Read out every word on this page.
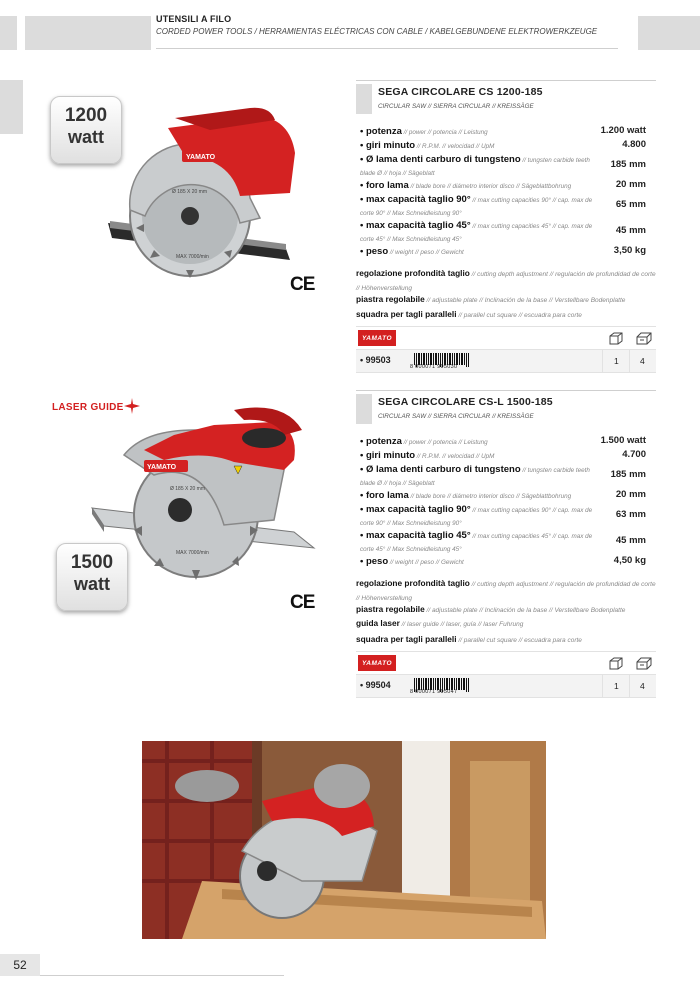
UTENSILI A FILO
CORDED POWER TOOLS / HERRAMIENTAS ELÉCTRICAS CON CABLE / KABELGEBUNDENE ELEKTROWERKZEUGE
YAMATO
Ø 185 X 20 mm
MAX 7000/min
1200
watt
CE
SEGA CIRCOLARE CS 1200-185
CIRCULAR SAW // SIERRA CIRCULAR // KREISSÄGE
• potenza // power // potencia // Leistung	1.200 watt
• giri minuto // R.P.M. // velocidad // UpM	4.800
• Ø lama denti carburo di tungsteno // tungsten carbide teeth blade Ø // hoja // Sägeblatt
185 mm
• foro lama // blade bore // diámetro interior disco // Sägeblattbohrung	20 mm
• max capacità taglio 90° // max cutting capacities 90° // cap. max de corte 90° // Max Schneidleistung 90°
65 mm
• max capacità taglio 45° // max cutting capacities 45° // cap. max de corte 45° // Max Schneidleistung 45°
45 mm
• peso // weight // peso // Gewicht	3,50 kg
regolazione profondità taglio // cutting depth adjustment // regulación de profundidad de corte // Höhenverstellung
piastra regolabile // adjustable plate // Inclinación de la base // Verstellbare Bodenplatte
squadra per tagli paralleli // parallel cut square // escuadra para corte
YAMATO
• 99503
8 000071 995030
1	4
LASER GUIDE
YAMATO
Ø 185 X 20 mm
MAX 7000/min
1500
watt
CE
SEGA CIRCOLARE CS-L 1500-185
CIRCULAR SAW // SIERRA CIRCULAR // KREISSÄGE
• potenza // power // potencia // Leistung	1.500 watt
• giri minuto // R.P.M. // velocidad // UpM	4.700
• Ø lama denti carburo di tungsteno // tungsten carbide teeth blade Ø // hoja // Sägeblatt
185 mm
• foro lama // blade bore // diámetro interior disco // Sägeblattbohrung	20 mm
• max capacità taglio 90° // max cutting capacities 90° // cap. max de corte 90° // Max Schneidleistung 90°
63 mm
• max capacità taglio 45° // max cutting capacities 45° // cap. max de corte 45° // Max Schneidleistung 45°
45 mm
• peso // weight // peso // Gewicht	4,50 kg
regolazione profondità taglio // cutting depth adjustment // regulación de profundidad de corte // Höhenverstellung
piastra regolabile // adjustable plate // Inclinación de la base // Verstellbare Bodenplatte
guida laser // laser guide // laser, guía // laser Fuhrung
squadra per tagli paralleli // parallel cut square // escuadra para corte
YAMATO
• 99504
8 000071 995047
1	4
52
